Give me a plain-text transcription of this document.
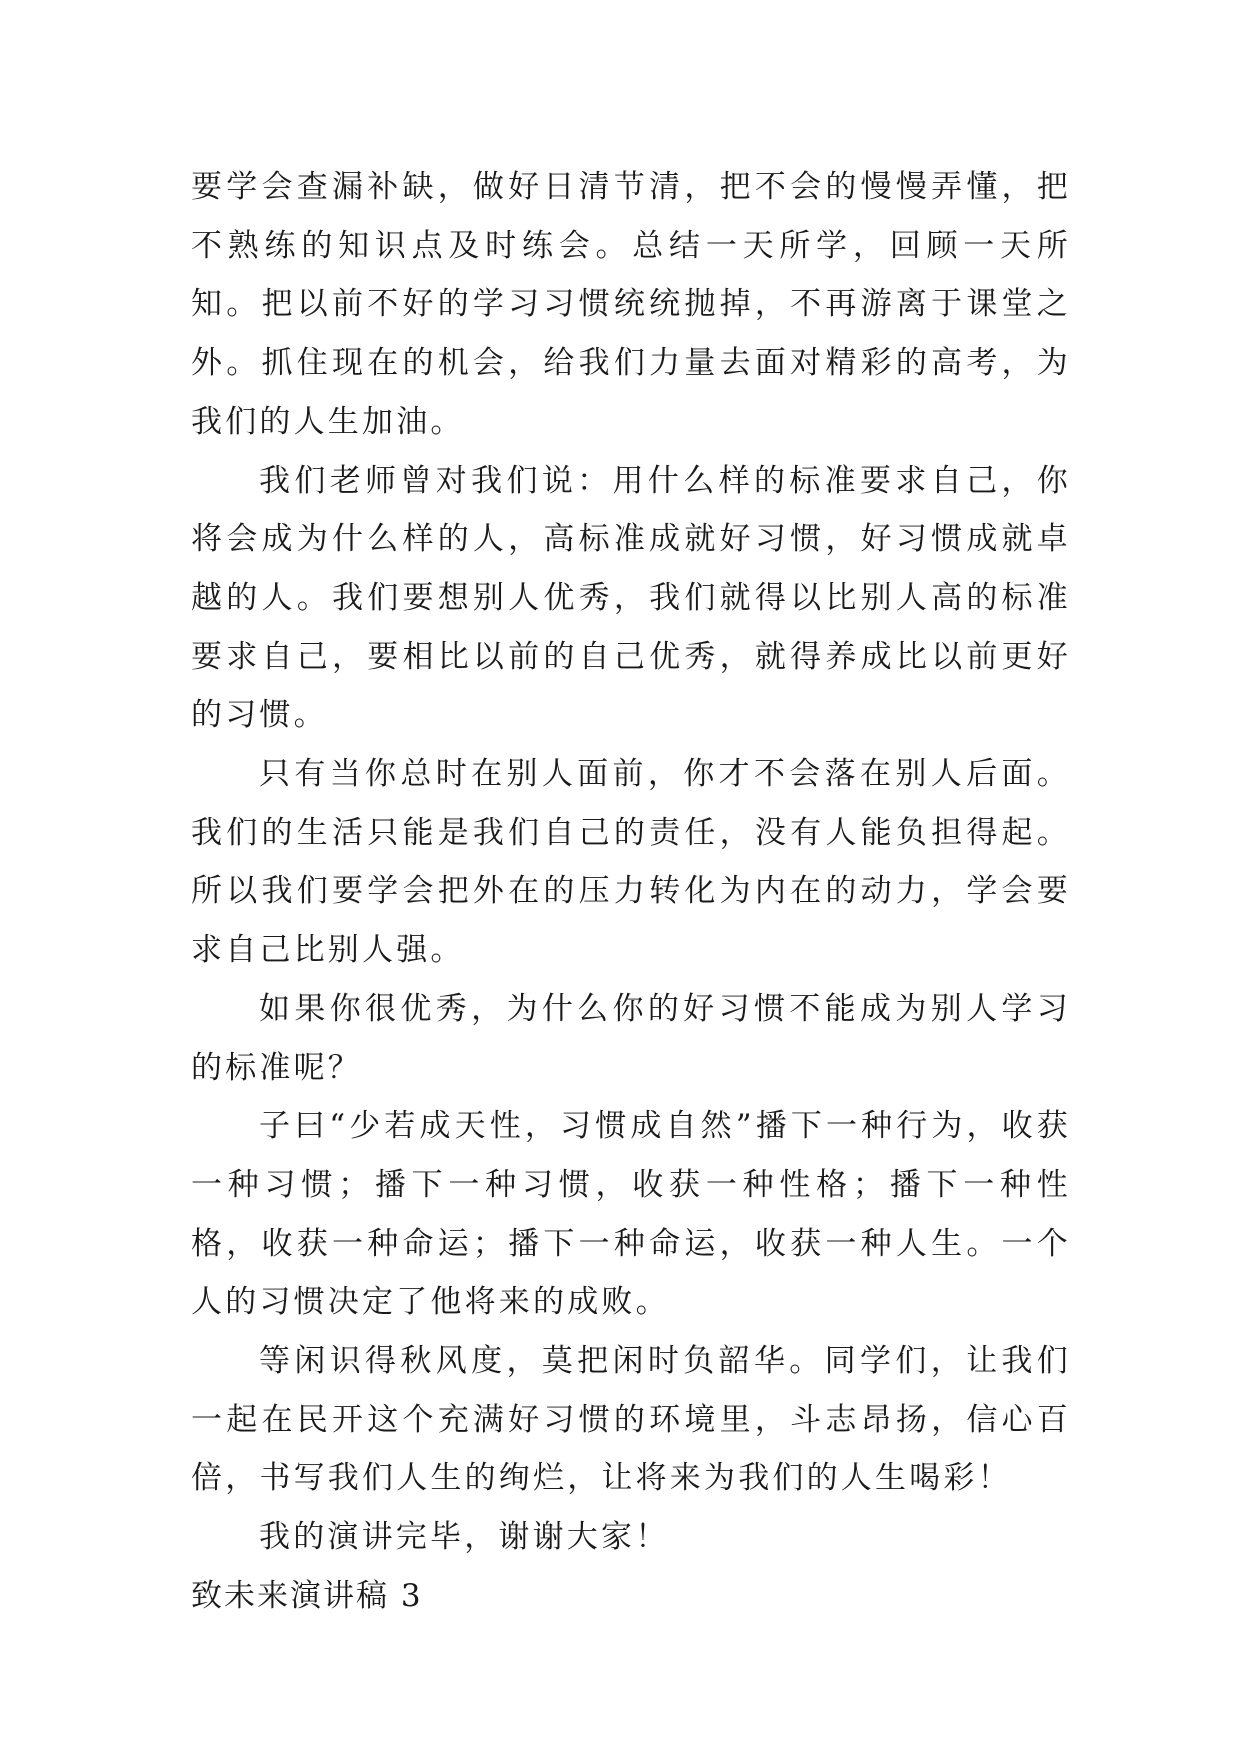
要学会查漏补缺，做好日清节清，把不会的慢慢弄懂，把不熟练的知识点及时练会。总结一天所学，回顾一天所知。把以前不好的学习习惯统统抛掉，不再游离于课堂之外。抓住现在的机会，给我们力量去面对精彩的高考，为我们的人生加油。

我们老师曾对我们说：用什么样的标准要求自己，你将会成为什么样的人，高标准成就好习惯，好习惯成就卓越的人。我们要想别人优秀，我们就得以比别人高的标准要求自己，要相比以前的自己优秀，就得养成比以前更好的习惯。

只有当你总时在别人面前，你才不会落在别人后面。我们的生活只能是我们自己的责任，没有人能负担得起。所以我们要学会把外在的压力转化为内在的动力，学会要求自己比别人强。

如果你很优秀，为什么你的好习惯不能成为别人学习的标准呢？

子曰“少若成天性，习惯成自然”播下一种行为，收获一种习惯；播下一种习惯，收获一种性格；播下一种性格，收获一种命运；播下一种命运，收获一种人生。一个人的习惯决定了他将来的成败。

等闲识得秋风度，莫把闲时负韶华。同学们，让我们一起在民开这个充满好习惯的环境里，斗志昂扬，信心百倍，书写我们人生的绚烂，让将来为我们的人生喝彩！

我的演讲完毕，谢谢大家！

致未来演讲稿 3
